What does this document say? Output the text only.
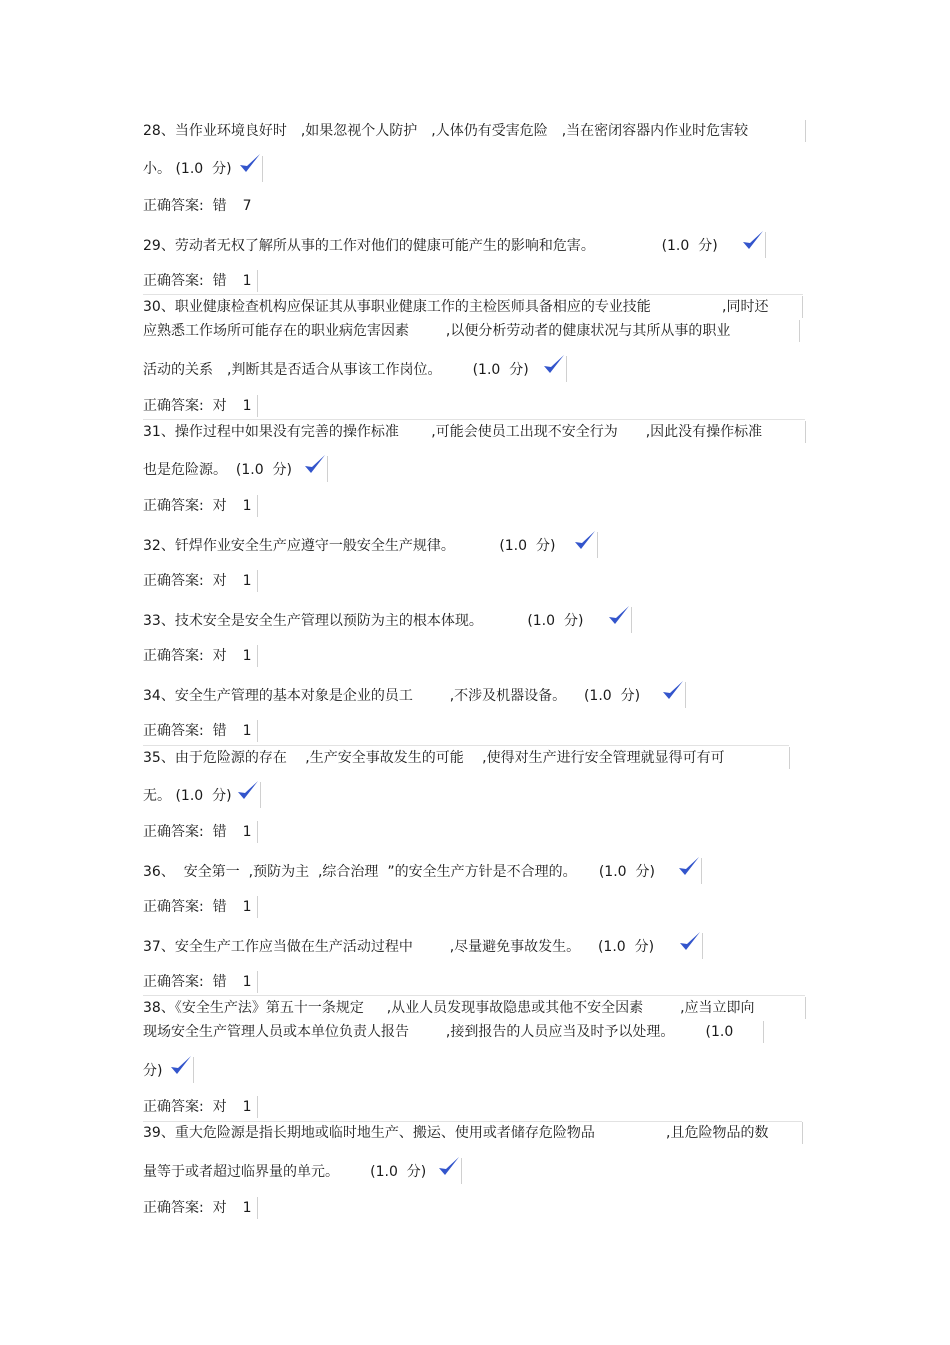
28、当作业环境良好时　,如果忽视个人防护　,人体仍有受害危险　,当在密闭容器内作业时危害较
小。 (1.0  分)
正确答案:  错 7
29、劳动者无权了解所从事的工作对他们的健康可能产生的影响和危害。               (1.0  分)
正确答案:  错 1
30、职业健康检查机构应保证其从事职业健康工作的主检医师具备相应的专业技能                ,同时还
应熟悉工作场所可能存在的职业病危害因素　　  ,以便分析劳动者的健康状况与其所从事的职业
活动的关系　,判断其是否适合从事该工作岗位。       (1.0  分)
正确答案:  对 1
31、操作过程中如果没有完善的操作标准　　 ,可能会使员工出现不安全行为　　,因此没有操作标准
也是危险源。  (1.0  分)
正确答案:  对 1
32、钎焊作业安全生产应遵守一般安全生产规律。          (1.0  分)
正确答案:  对 1
33、技术安全是安全生产管理以预防为主的根本体现。          (1.0  分)
正确答案:  对 1
34、安全生产管理的基本对象是企业的员工　　  ,不涉及机器设备。    (1.0  分)
正确答案:  错 1
35、由于危险源的存在　 ,生产安全事故发生的可能　 ,使得对生产进行安全管理就显得可有可
无。 (1.0  分)
正确答案:  错 1
36、  安全第一  ,预防为主  ,综合治理  ”的安全生产方针是不合理的。     (1.0  分)
正确答案:  错 1
37、安全生产工作应当做在生产活动过程中　　  ,尽量避免事故发生。    (1.0  分)
正确答案:  错 1
38、《安全生产法》第五十一条规定　  ,从业人员发现事故隐患或其他不安全因素　　  ,应当立即向
现场安全生产管理人员或本单位负责人报告　　  ,接到报告的人员应当及时予以处理。       (1.0
分)
正确答案:  对 1
39、重大危险源是指长期地或临时地生产、搬运、使用或者储存危险物品                ,且危险物品的数
量等于或者超过临界量的单元。       (1.0  分)
正确答案:  对 1
